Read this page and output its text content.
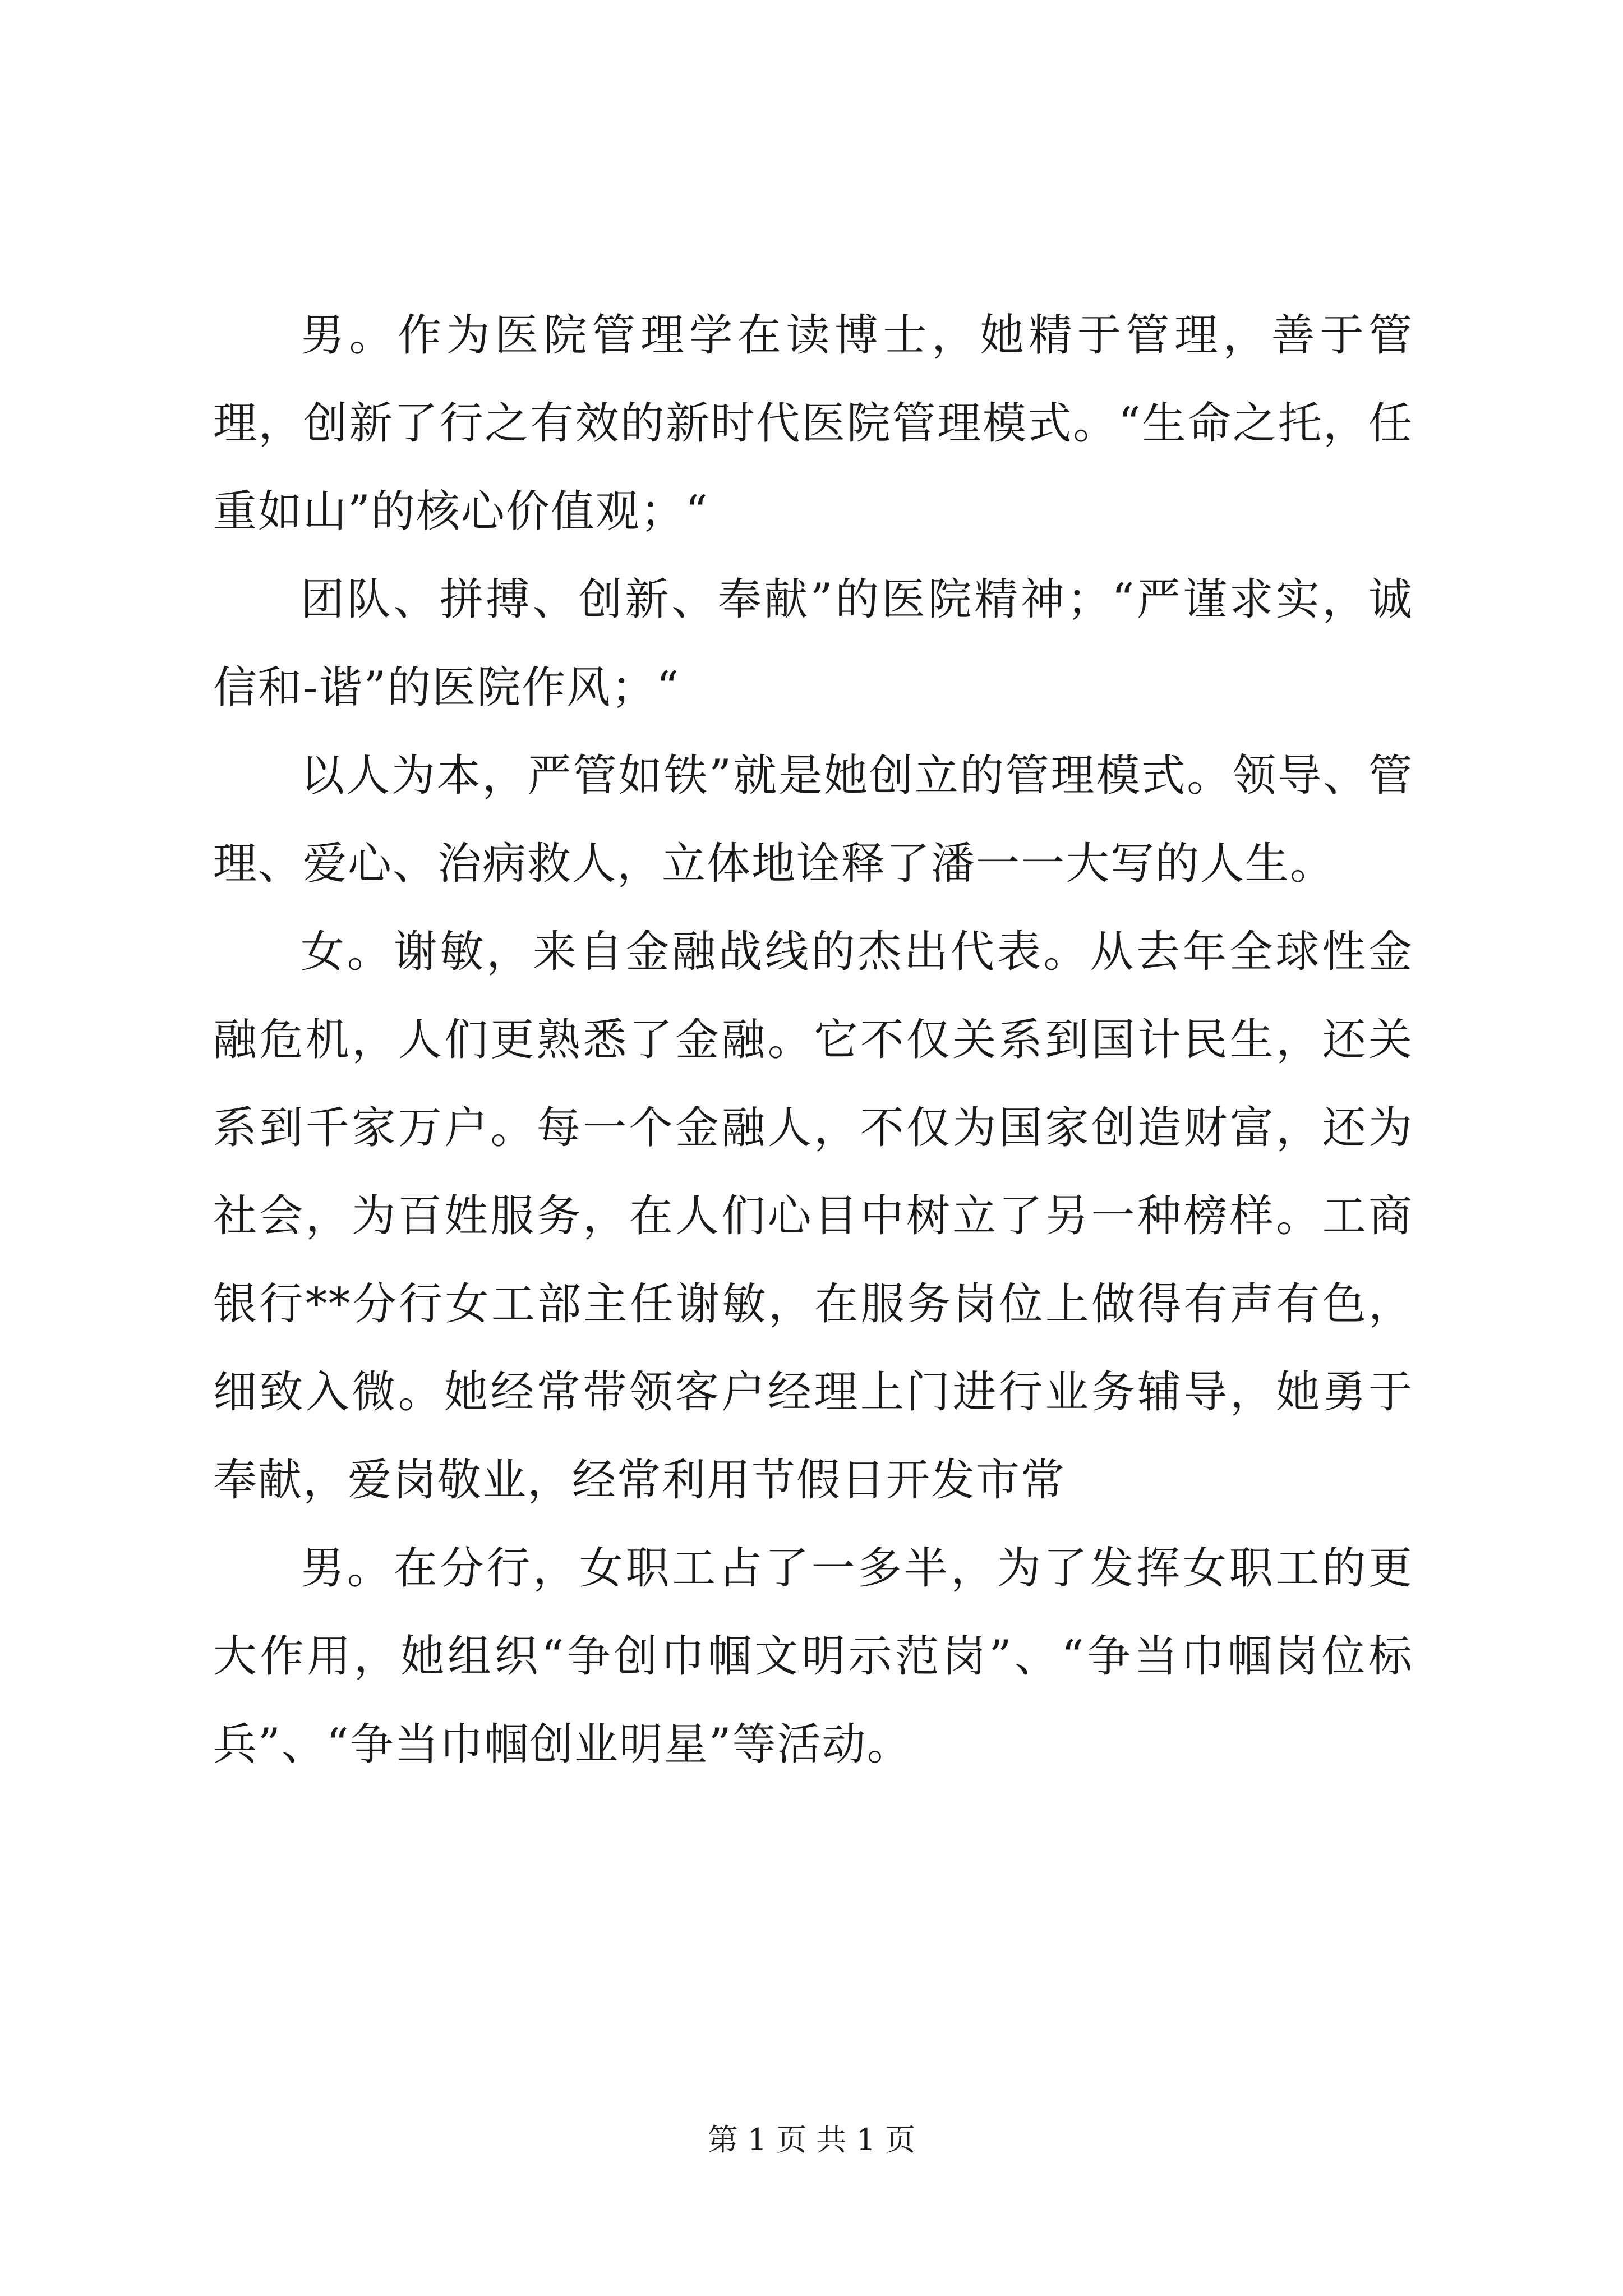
男。作为医院管理学在读博士，她精于管理，善于管理，创新了行之有效的新时代医院管理模式。“生命之托，任重如山”的核心价值观；“

团队、拼搏、创新、奉献”的医院精神；“严谨求实，诚信和-谐”的医院作风；“

以人为本，严管如铁”就是她创立的管理模式。领导、管理、爱心、治病救人，立体地诠释了潘一一大写的人生。

女。谢敏，来自金融战线的杰出代表。从去年全球性金融危机，人们更熟悉了金融。它不仅关系到国计民生，还关系到千家万户。每一个金融人，不仅为国家创造财富，还为社会，为百姓服务，在人们心目中树立了另一种榜样。工商银行**分行女工部主任谢敏，在服务岗位上做得有声有色，细致入微。她经常带领客户经理上门进行业务辅导，她勇于奉献，爱岗敬业，经常利用节假日开发市常

男。在分行，女职工占了一多半，为了发挥女职工的更大作用，她组织“争创巾帼文明示范岗”、“争当巾帼岗位标兵”、“争当巾帼创业明星”等活动。

第 1 页 共 1 页
